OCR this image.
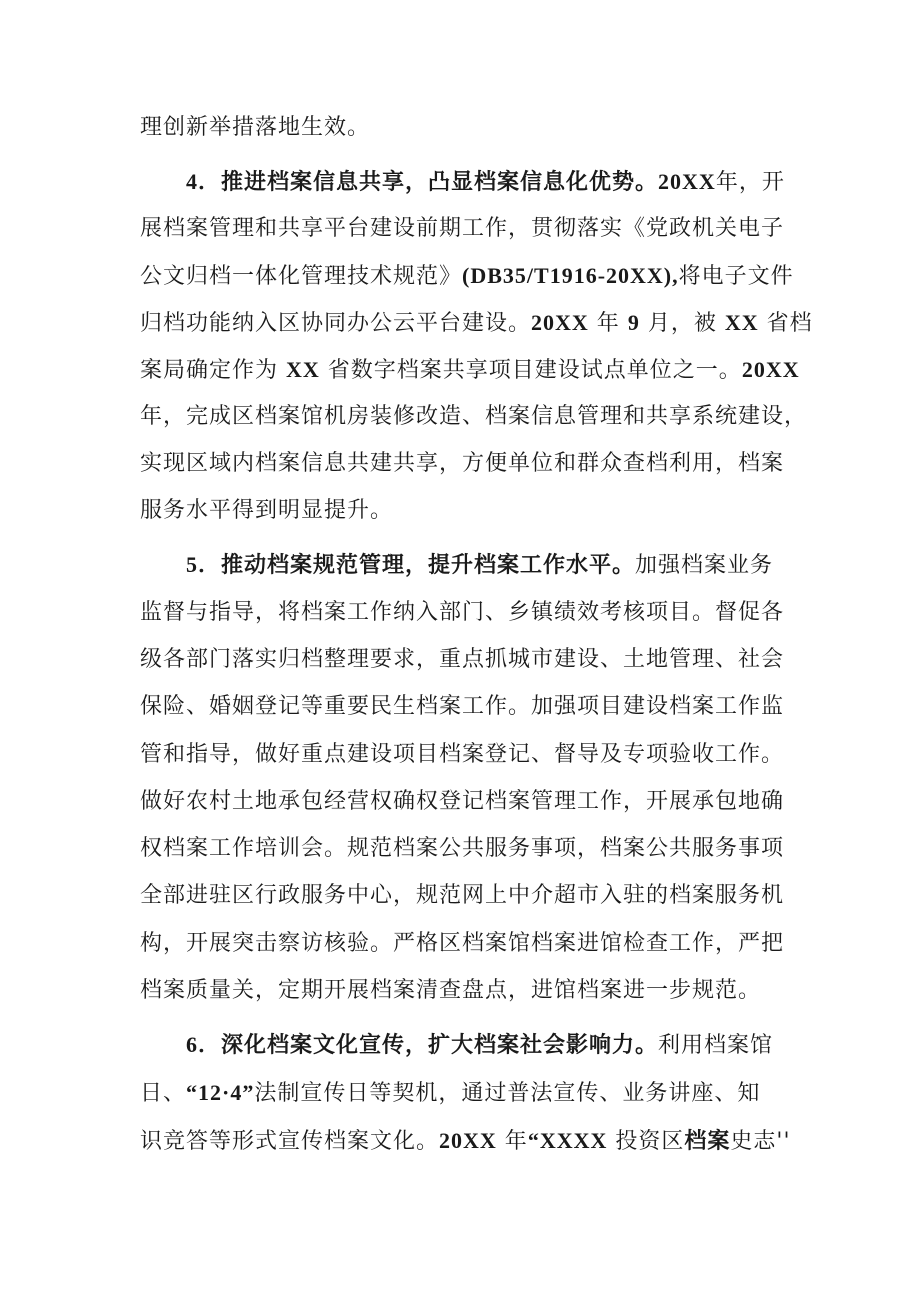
理创新举措落地生效。
4．推进档案信息共享，凸显档案信息化优势。20XX年，开
展档案管理和共享平台建设前期工作，贯彻落实《党政机关电子
公文归档一体化管理技术规范》(DB35/T1916-20XX),将电子文件
归档功能纳入区协同办公云平台建设。20XX 年 9 月，被 XX 省档
案局确定作为 XX 省数字档案共享项目建设试点单位之一。20XX
年，完成区档案馆机房装修改造、档案信息管理和共享系统建设，
实现区域内档案信息共建共享，方便单位和群众查档利用，档案
服务水平得到明显提升。
5．推动档案规范管理，提升档案工作水平。加强档案业务
监督与指导，将档案工作纳入部门、乡镇绩效考核项目。督促各
级各部门落实归档整理要求，重点抓城市建设、土地管理、社会
保险、婚姻登记等重要民生档案工作。加强项目建设档案工作监
管和指导，做好重点建设项目档案登记、督导及专项验收工作。
做好农村土地承包经营权确权登记档案管理工作，开展承包地确
权档案工作培训会。规范档案公共服务事项，档案公共服务事项
全部进驻区行政服务中心，规范网上中介超市入驻的档案服务机
构，开展突击察访核验。严格区档案馆档案进馆检查工作，严把
档案质量关，定期开展档案清查盘点，进馆档案进一步规范。
6．深化档案文化宣传，扩大档案社会影响力。利用档案馆
日、“12·4”法制宣传日等契机，通过普法宣传、业务讲座、知
识竞答等形式宣传档案文化。20XX 年“XXXX 投资区档案史志''
